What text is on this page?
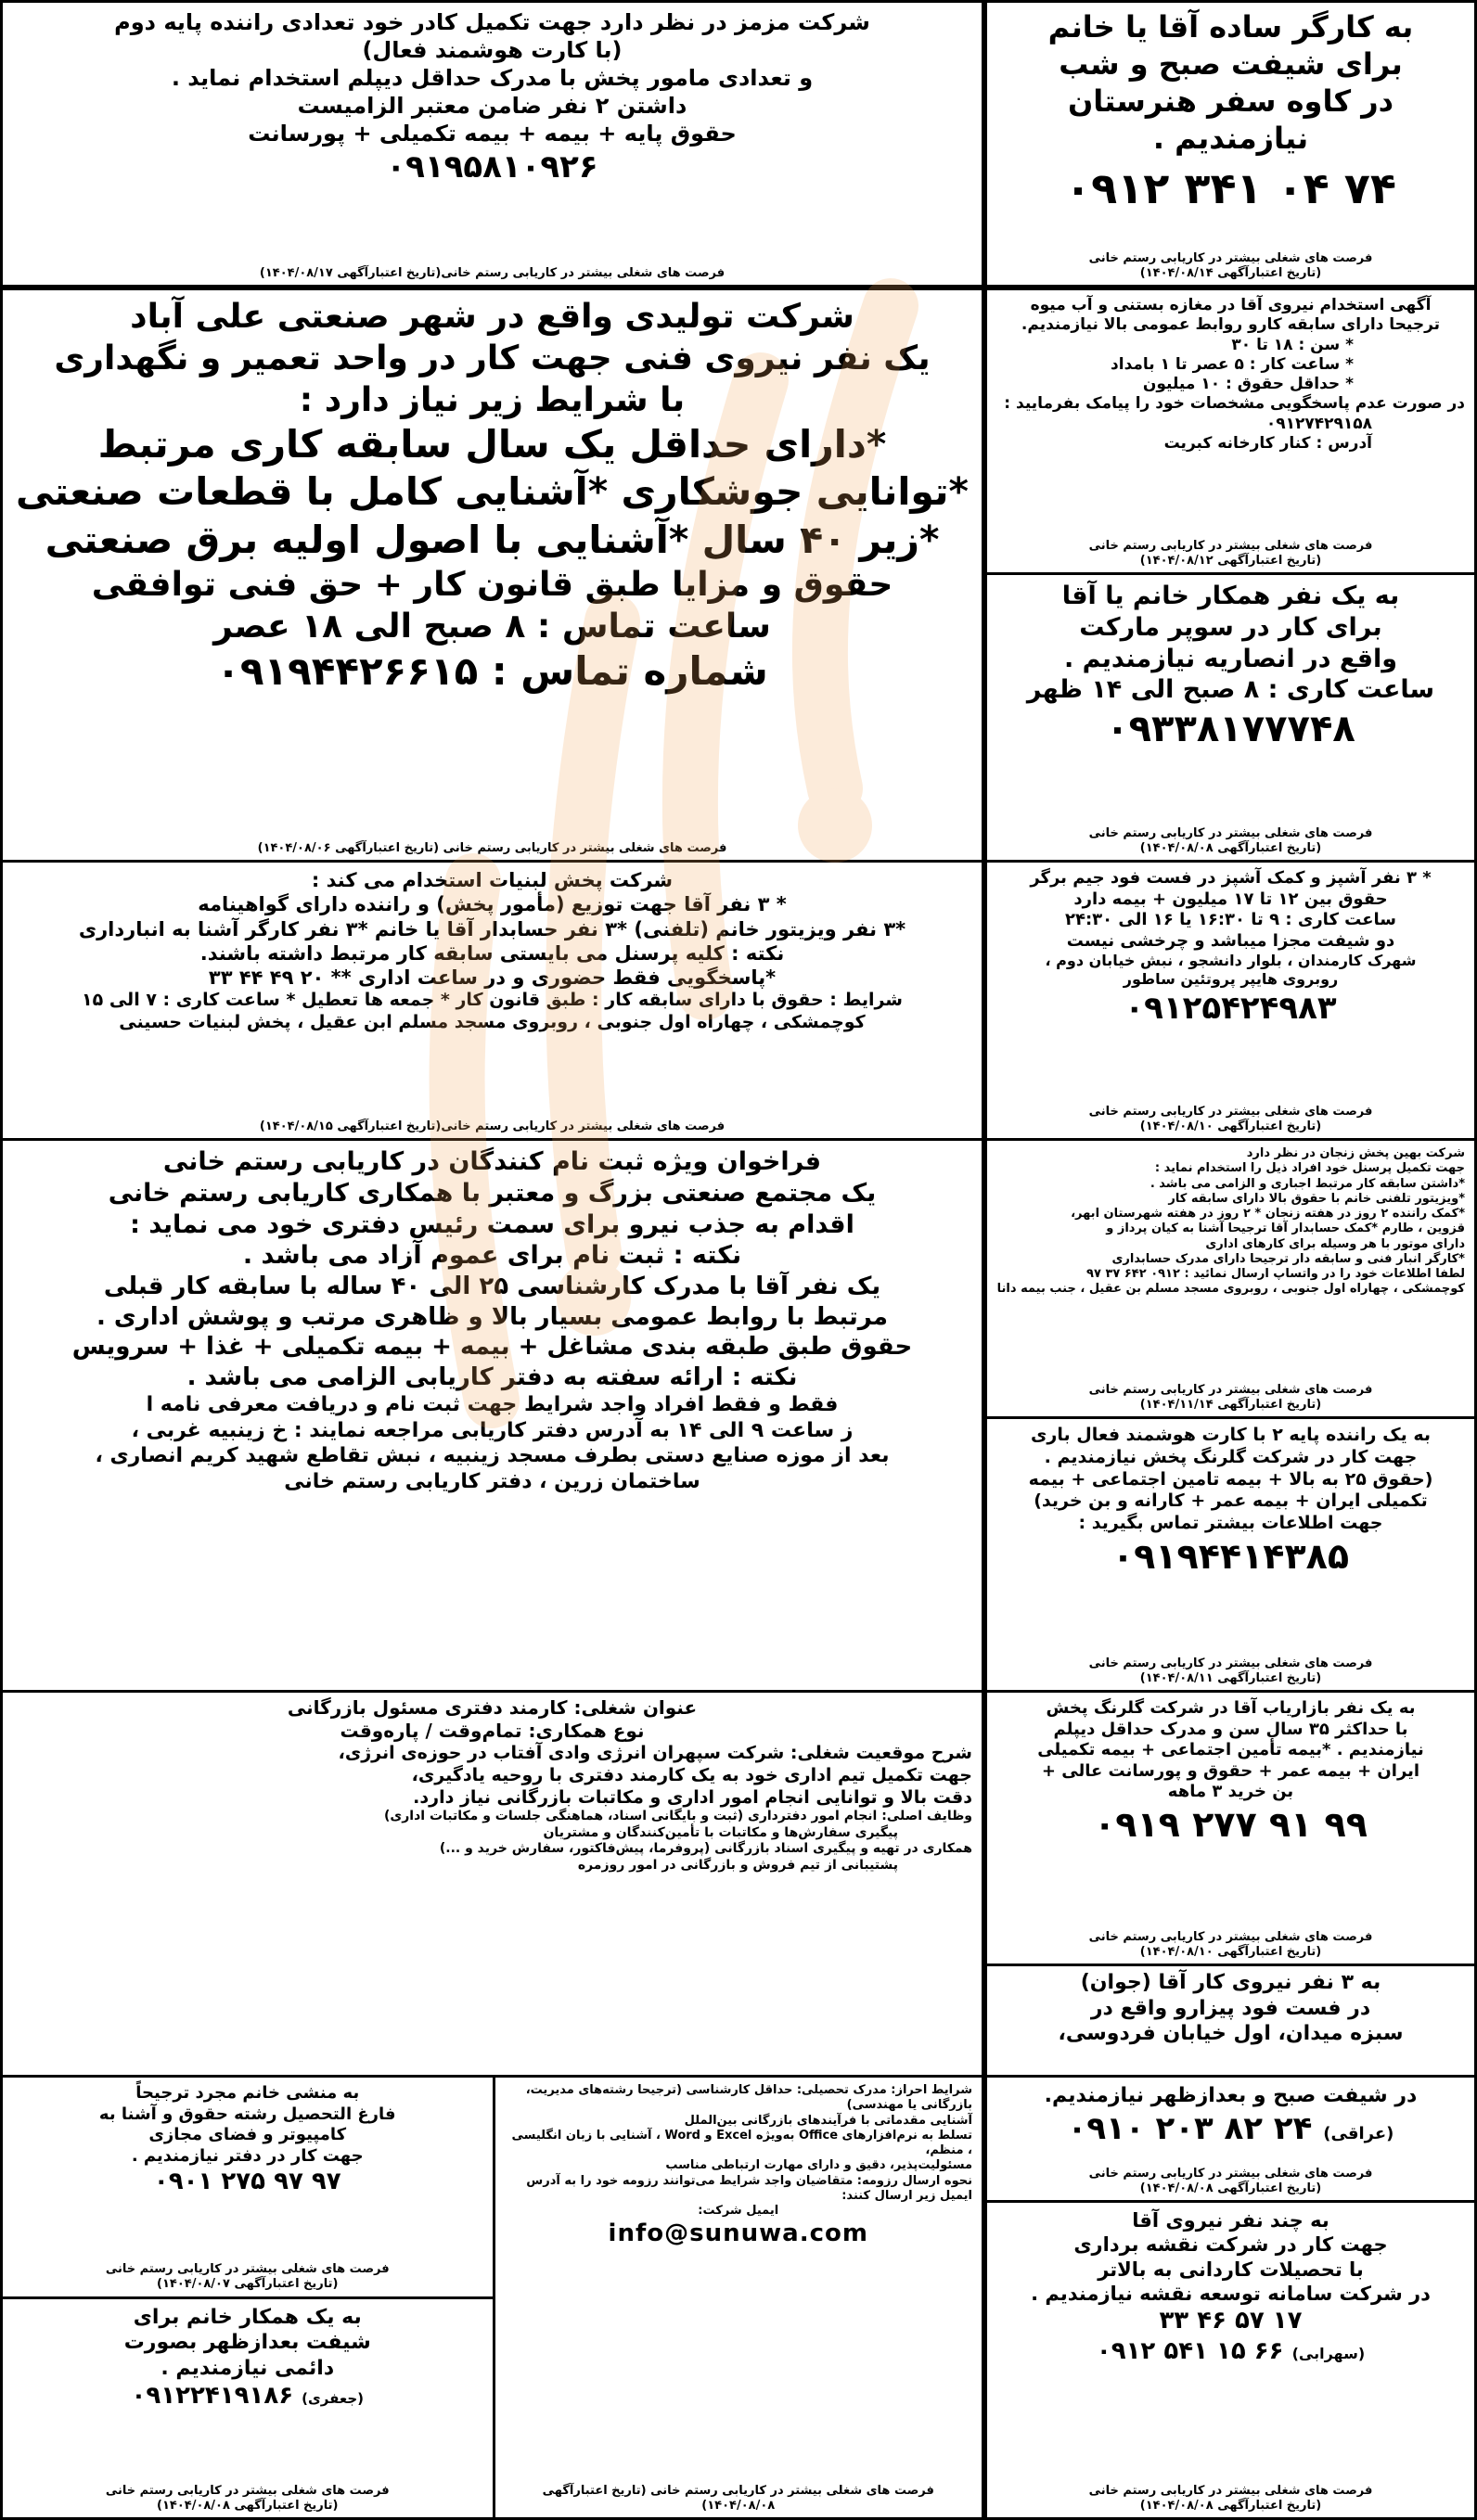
به کارگر ساده آقا یا خانم

برای شیفت صبح و شب

در کاوه سفر هنرستان نیازمندیم .

۰۹۱۲ ۳۴۱ ۰۴ ۷۴

فرصت های شغلی بیشتر در کاریابی رستم خانی

(تاریخ اعتبارآگهی ۱۴۰۴/۰۸/۱۴)

شرکت مزمز در نظر دارد جهت تکمیل کادر خود تعدادی راننده پایه دوم

(با کارت هوشمند فعال)

و تعدادی مامور پخش با مدرک حداقل دیپلم استخدام نماید .

داشتن ۲ نفر ضامن معتبر الزامیست

حقوق پایه + بیمه + بیمه تکمیلی + پورسانت

۰۹۱۹۵۸۱۰۹۲۶

فرصت های شغلی بیشتر در کاریابی رستم خانی(تاریخ اعتبارآگهی ۱۴۰۴/۰۸/۱۷)

آگهی استخدام نیروی آقا در مغازه بستنی و آب میوه

ترجیحا دارای سابقه کارو روابط عمومی بالا نیازمندیم.

* سن : ۱۸ تا ۳۰

* ساعت کار : ۵ عصر تا ۱ بامداد

* حداقل حقوق : ۱۰ میلیون

در صورت عدم پاسخگویی مشخصات خود را پیامک بفرمایید :

۰۹۱۲۷۴۲۹۱۵۸

آدرس : کنار کارخانه کبریت

فرصت های شغلی بیشتر در کاریابی رستم خانی

(تاریخ اعتبارآگهی ۱۴۰۴/۰۸/۱۲)

به یک نفر همکار خانم یا آقا

برای کار در سوپر مارکت

واقع در انصاریه نیازمندیم .

ساعت کاری : ۸ صبح الی ۱۴ ظهر

۰۹۳۳۸۱۷۷۷۴۸

فرصت های شغلی بیشتر در کاریابی رستم خانی

(تاریخ اعتبارآگهی ۱۴۰۴/۰۸/۰۸)

شرکت تولیدی واقع در شهر صنعتی علی آباد

یک نفر نیروی فنی جهت کار در واحد تعمیر و نگهداری

با شرایط زیر نیاز دارد :

*دارای حداقل یک سال سابقه کاری مرتبط

*توانایی جوشکاری *آشنایی کامل با قطعات صنعتی

*زیر ۴۰ سال *آشنایی با اصول اولیه برق صنعتی

حقوق و مزایا طبق قانون کار + حق فنی توافقی

ساعت تماس : ۸ صبح الی ۱۸ عصر

شماره تماس : ۰۹۱۹۴۴۲۶۶۱۵

فرصت های شغلی بیشتر در کاریابی رستم خانی (تاریخ اعتبارآگهی ۱۴۰۴/۰۸/۰۶)

* ۳ نفر آشپز و کمک آشپز در فست فود جیم برگر

حقوق بین ۱۲ تا ۱۷ میلیون + بیمه دارد

ساعت کاری : ۹ تا ۱۶:۳۰ یا ۱۶ الی ۲۴:۳۰

دو شیفت مجزا میباشد و چرخشی نیست

شهرک کارمندان ، بلوار دانشجو ، نبش خیابان دوم ،

روبروی هایپر پروتئین ساطور

۰۹۱۲۵۴۲۴۹۸۳

فرصت های شغلی بیشتر در کاریابی رستم خانی

(تاریخ اعتبارآگهی ۱۴۰۴/۰۸/۱۰)

شرکت پخش لبنیات استخدام می کند :

* ۳ نفر آقا جهت توزیع (مأمور پخش) و راننده دارای گواهینامه

*۳ نفر ویزیتور خانم (تلفنی) *۳ نفر حسابدار آقا یا خانم *۳ نفر کارگر آشنا به انبارداری

نکته : کلیه پرسنل می بایستی سابقه کار مرتبط داشته باشند.

*پاسخگویی فقط حضوری و در ساعت اداری ** ۲۰ ۴۹ ۴۴ ۳۳

شرایط : حقوق با دارای سابقه کار : طبق قانون کار * جمعه ها تعطیل * ساعت کاری : ۷ الی ۱۵

کوچمشکی ، چهاراه اول جنوبی ، روبروی مسجد مسلم ابن عقیل ، پخش لبنیات حسینی

فرصت های شغلی بیشتر در کاریابی رستم خانی(تاریخ اعتبارآگهی ۱۴۰۴/۰۸/۱۵)

شرکت بهین پخش زنجان در نظر دارد

جهت تکمیل پرسنل خود افراد ذیل را استخدام نماید :

*داشتن سابقه کار مرتبط اجباری و الزامی می باشد .

*ویزیتور تلفنی خانم با حقوق بالا دارای سابقه کار

*کمک راننده ۲ روز در هفته زنجان * ۲ روز در هفته شهرستان ابهر،

قزوین ، طارم *کمک حسابدار آقا ترجیحا آشنا به کیان پرداز و

دارای موتور با هر وسیله برای کارهای اداری

*کارگر انبار فنی و سابقه دار ترجیحا دارای مدرک حسابداری

لطفا اطلاعات خود را در واتساپ ارسال نمائید : ۰۹۱۲ ۶۴۲ ۳۷ ۹۷

کوچمشکی ، چهاراه اول جنوبی ، روبروی مسجد مسلم بن عقیل ، جنب بیمه دانا

فرصت های شغلی بیشتر در کاریابی رستم خانی

(تاریخ اعتبارآگهی ۱۴۰۴/۱۱/۱۴)

به یک راننده پایه ۲ با کارت هوشمند فعال باری

جهت کار در شرکت گلرنگ پخش نیازمندیم .

(حقوق ۲۵ به بالا + بیمه تامین اجتماعی + بیمه

تکمیلی ایران + بیمه عمر + کارانه و بن خرید)

جهت اطلاعات بیشتر تماس بگیرید :

۰۹۱۹۴۴۱۴۳۸۵

فرصت های شغلی بیشتر در کاریابی رستم خانی

(تاریخ اعتبارآگهی ۱۴۰۴/۰۸/۱۱)

فراخوان ویژه ثبت نام کنندگان در کاریابی رستم خانی

یک مجتمع صنعتی بزرگ و معتبر با همکاری کاریابی رستم خانی

اقدام به جذب نیرو برای سمت رئیس دفتری خود می نماید :

نکته : ثبت نام برای عموم آزاد می باشد .

یک نفر آقا با مدرک کارشناسی ۲۵ الی ۴۰ ساله با سابقه کار قبلی

مرتبط با روابط عمومی بسیار بالا و ظاهری مرتب و پوشش اداری .

حقوق طبق طبقه بندی مشاغل + بیمه + بیمه تکمیلی + غذا + سرویس

نکته : ارائه سفته به دفتر کاریابی الزامی می باشد .

فقط و فقط افراد واجد شرایط جهت ثبت نام و دریافت معرفی نامه ا

ز ساعت ۹ الی ۱۴ به آدرس دفتر کاریابی مراجعه نمایند : خ زینبیه غربی ،

بعد از موزه صنایع دستی بطرف مسجد زینبیه ، نبش تقاطع شهید کریم انصاری ،

ساختمان زرین ، دفتر کاریابی رستم خانی

به یک نفر بازاریاب آقا در شرکت گلرنگ پخش

با حداکثر ۳۵ سال سن و مدرک حداقل دیپلم

نیازمندیم . *بیمه تأمین اجتماعی + بیمه تکمیلی

ایران + بیمه عمر + حقوق و پورسانت عالی +

بن خرید ۳ ماهه

۰۹۱۹ ۲۷۷ ۹۱ ۹۹

فرصت های شغلی بیشتر در کاریابی رستم خانی

(تاریخ اعتبارآگهی ۱۴۰۴/۰۸/۱۰)

به ۳ نفر نیروی کار آقا (جوان)

در فست فود پیزارو واقع در

سبزه میدان، اول خیابان فردوسی،

عنوان شغلی: کارمند دفتری مسئول بازرگانی

نوع همکاری: تمام‌وقت / پاره‌وقت

شرح موقعیت شغلی: شرکت سپهران انرژی وادی آفتاب در حوزه‌ی انرژی،

جهت تکمیل تیم اداری خود به یک کارمند دفتری با روحیه یادگیری،

دقت بالا و توانایی انجام امور اداری و مکاتبات بازرگانی نیاز دارد.

وظایف اصلی: انجام امور دفترداری (ثبت و بایگانی اسناد، هماهنگی جلسات و مکاتبات اداری)

پیگیری سفارش‌ها و مکاتبات با تأمین‌کنندگان و مشتریان

همکاری در تهیه و پیگیری اسناد بازرگانی (پروفرما، پیش‌فاکتور، سفارش خرید و ...)

پشتیبانی از تیم فروش و بازرگانی در امور روزمره

در شیفت صبح و بعدازظهر نیازمندیم.

۰۹۱۰ ۲۰۳ ۸۲ ۲۴ (عراقی)

فرصت های شغلی بیشتر در کاریابی رستم خانی

(تاریخ اعتبارآگهی ۱۴۰۴/۰۸/۰۸)

به چند نفر نیروی آقا

جهت کار در شرکت نقشه برداری

با تحصیلات کاردانی به بالاتر

در شرکت سامانه توسعه نقشه نیازمندیم .

۳۳ ۴۶ ۵۷ ۱۷

۰۹۱۲ ۵۴۱ ۱۵ ۶۶ (سهرابی)

فرصت های شغلی بیشتر در کاریابی رستم خانی

(تاریخ اعتبارآگهی ۱۴۰۴/۰۸/۰۸)

شرایط احراز: مدرک تحصیلی: حداقل کارشناسی (ترجیحا رشته‌های مدیریت، بازرگانی یا مهندسی)

آشنایی مقدماتی با فرآیندهای بازرگانی بین‌الملل

تسلط به نرم‌افزارهای Office به‌ویژه Excel و Word ، آشنایی با زبان انگلیسی ، منظم،

مسئولیت‌پذیر، دقیق و دارای مهارت ارتباطی مناسب

نحوه ارسال رزومه: متقاضیان واجد شرایط می‌توانند رزومه خود را به آدرس ایمیل زیر ارسال کنند:

ایمیل شرکت:

info@sunuwa.com

فرصت های شغلی بیشتر در کاریابی رستم خانی (تاریخ اعتبارآگهی ۱۴۰۴/۰۸/۰۸)

به منشی خانم مجرد ترجیحاً

فارغ التحصیل رشته حقوق و آشنا به

کامپیوتر و فضای مجازی

جهت کار در دفتر نیازمندیم .

۰۹۰۱ ۲۷۵ ۹۷ ۹۷

فرصت های شغلی بیشتر در کاریابی رستم خانی

(تاریخ اعتبارآگهی ۱۴۰۴/۰۸/۰۷)

به یک همکار خانم برای

شیفت بعدازظهر بصورت

دائمی نیازمندیم .

۰۹۱۲۲۴۱۹۱۸۶ (جعفری)

فرصت های شغلی بیشتر در کاریابی رستم خانی

(تاریخ اعتبارآگهی ۱۴۰۴/۰۸/۰۸)
